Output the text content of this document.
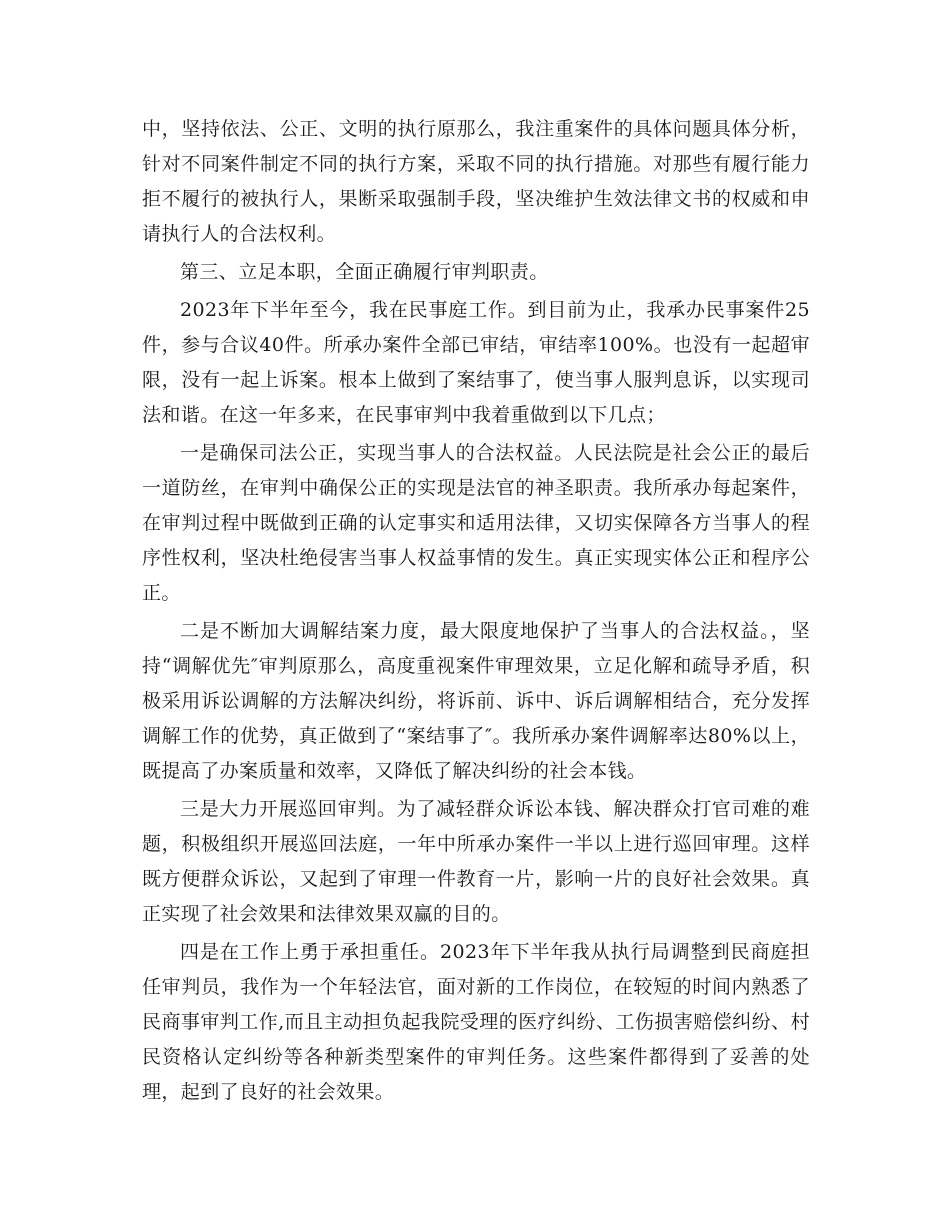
中，坚持依法、公正、文明的执行原那么，我注重案件的具体问题具体分析，针对不同案件制定不同的执行方案，采取不同的执行措施。对那些有履行能力拒不履行的被执行人，果断采取强制手段，坚决维护生效法律文书的权威和申请执行人的合法权利。

第三、立足本职，全面正确履行审判职责。

2023年下半年至今，我在民事庭工作。到目前为止，我承办民事案件25件，参与合议40件。所承办案件全部已审结，审结率100%。也没有一起超审限，没有一起上诉案。根本上做到了案结事了，使当事人服判息诉，以实现司法和谐。在这一年多来，在民事审判中我着重做到以下几点；

一是确保司法公正，实现当事人的合法权益。人民法院是社会公正的最后一道防丝，在审判中确保公正的实现是法官的神圣职责。我所承办每起案件，在审判过程中既做到正确的认定事实和适用法律，又切实保障各方当事人的程序性权利，坚决杜绝侵害当事人权益事情的发生。真正实现实体公正和程序公正。

二是不断加大调解结案力度，最大限度地保护了当事人的合法权益。，坚持“调解优先″审判原那么，高度重视案件审理效果，立足化解和疏导矛盾，积极采用诉讼调解的方法解决纠纷，将诉前、诉中、诉后调解相结合，充分发挥调解工作的优势，真正做到了“案结事了″。我所承办案件调解率达80%以上，既提高了办案质量和效率，又降低了解决纠纷的社会本钱。

三是大力开展巡回审判。为了减轻群众诉讼本钱、解决群众打官司难的难题，积极组织开展巡回法庭，一年中所承办案件一半以上进行巡回审理。这样既方便群众诉讼，又起到了审理一件教育一片，影响一片的良好社会效果。真正实现了社会效果和法律效果双赢的目的。

四是在工作上勇于承担重任。2023年下半年我从执行局调整到民商庭担任审判员，我作为一个年轻法官，面对新的工作岗位，在较短的时间内熟悉了民商事审判工作,而且主动担负起我院受理的医疗纠纷、工伤损害赔偿纠纷、村民资格认定纠纷等各种新类型案件的审判任务。这些案件都得到了妥善的处理，起到了良好的社会效果。
